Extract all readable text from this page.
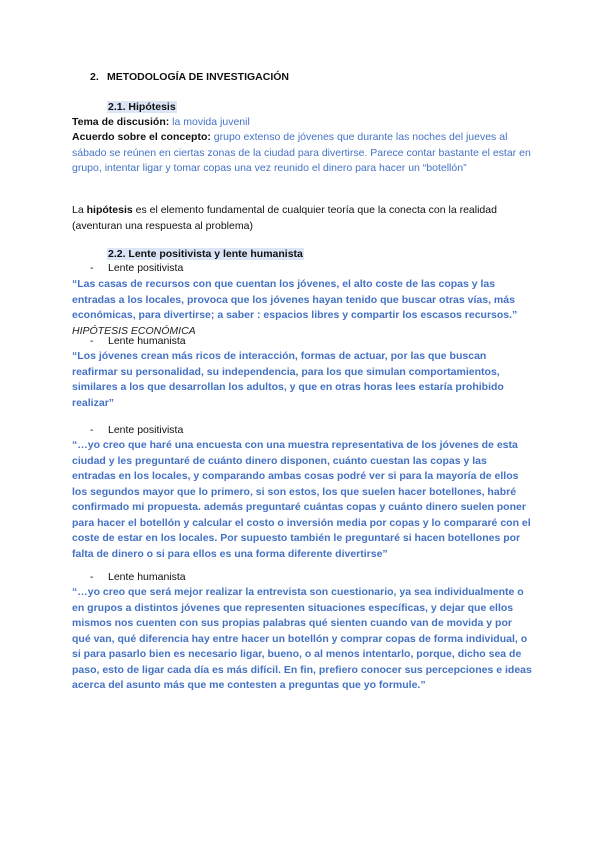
2. METODOLOGÍA DE INVESTIGACIÓN
2.1. Hipótesis

Tema de discusión: la movida juvenil

Acuerdo sobre el concepto: grupo extenso de jóvenes que durante las noches del jueves al sábado se reúnen en ciertas zonas de la ciudad para divertirse. Parece contar bastante el estar en grupo, intentar ligar y tomar copas una vez reunido el dinero para hacer un “botellón”

La hipótesis es el elemento fundamental de cualquier teoría que la conecta con la realidad (aventuran una respuesta al problema)

2.2. Lente positivista y lente humanista
- Lente positivista

“Las casas de recursos con que cuentan los jóvenes, el alto coste de las copas y las entradas a los locales, provoca que los jóvenes hayan tenido que buscar otras vías, más económicas, para divertirse; a saber : espacios libres y compartir los escasos recursos.” HIPÓTESIS ECONÓMICA

- Lente humanista

“Los jóvenes crean más ricos de interacción, formas de actuar, por las que buscan reafirmar su personalidad, su independencia, para los que simulan comportamientos, similares a los que desarrollan los adultos, y que en otras horas lees estaría prohibido realizar”

- Lente positivista

“…yo creo que haré una encuesta con una muestra representativa de los jóvenes de esta ciudad y les preguntaré de cuánto dinero disponen, cuánto cuestan las copas y las entradas en los locales, y comparando ambas cosas podré ver si para la mayoría de ellos los segundos mayor que lo primero, si son estos, los que suelen hacer botellones, habré confirmado mi propuesta. además preguntaré cuántas copas y cuánto dinero suelen poner para hacer el botellón y calcular el costo o inversión media por copas y lo compararé con el coste de estar en los locales. Por supuesto también le preguntaré si hacen botellones por falta de dinero o si para ellos es una forma diferente divertirse”

- Lente humanista

“…yo creo que será mejor realizar la entrevista son cuestionario, ya sea individualmente o en grupos a distintos jóvenes que representen situaciones específicas, y dejar que ellos mismos nos cuenten con sus propias palabras qué sienten cuando van de movida y por qué van, qué diferencia hay entre hacer un botellón y comprar copas de forma individual, o si para pasarlo bien es necesario ligar, bueno, o al menos intentarlo, porque, dicho sea de paso, esto de ligar cada día es más difícil. En fin, prefiero conocer sus percepciones e ideas acerca del asunto más que me contesten a preguntas que yo formule.”
